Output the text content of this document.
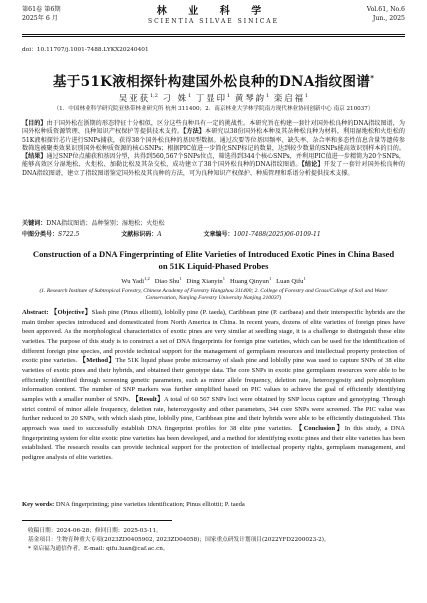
第61卷 第6期
2025年 6 月
林 业 科 学
SCIENTIA SILVAE SINICAE
Vol.61, No.6
Jun., 2025
doi：10.11707/j.1001-7488.LYKX20240401
基于51K液相探针构建国外松良种的DNA指纹图谱*
吴亚获$^{1,2}$ 刁 姝$^1$ 丁显印$^1$ 黄琴韵$^1$ 栾启福$^1$
（1．中国林业科学研究院亚热带林业研究所 杭州 311400；2．南京林业大学林学院南方现代林业协同创新中心 南京 210037）
【目的】由于国外松在浙期的形态特征十分相似，区分这些良种具有一定的挑战性。本研究旨在构建一套针对国外松良种的DNA指纹图谱，为国外松种质资源管理、良种知识产权保护等提供技术支持。【方法】本研究以38份国外松本种及其杂种松良种为材料，利用湿地松和火炬松的51K液相探针芯片进行SNPs捕获，获得38个国外松良种的基因型数据。通过次要等位基因频率、缺失率、杂合率和多态性信息含量等遗传参数筛选被聚类效果识别国外松种质资源的核心SNPs；根据PIC值进一步简化SNP标记的数量，达到较少数量的SNPs能高效识别样本的目的。【结果】通过SNP位点捕获和基因分型，共得到560,567个SNPs位点，筛选得到344个核心SNPs，并利用PIC值进一步精简为20个SNPs，能够高效区分湿地松、火炬松、加勒比松及其杂交松，成功建立了38个国外松良种的DNA指纹图谱。【结论】开发了一套针对国外松良种的DNA指纹图谱，建立了指纹图谱鉴定国外松及其良种的方法，可为良种知识产权保护、种质管理和系谱分析提供技术支撑。
关键词：DNA指纹图谱；品种鉴别；湿地松；火炬松
中图分类号：S722.5	文献标识码：A	文章编号：1001-7488(2025)06-0109-11
Construction of a DNA Fingerprinting of Elite Varieties of Introduced Exotic Pines in China Based on 51K Liquid-Phased Probes
Wu Yadi$^{1,2}$ Diao Shu$^1$ Ding Xianyin$^1$ Huang Qinyun$^1$ Luan Qifu$^1$
(1. Research Institute of Subtropical Forestry, Chinese Academy of Forestry Hangzhou 311400; 2. College of Forestry and Grass/College of Soil and Water Conservation, Nanjing Forestry University Nanjing 210037)
Abstract: 【Objective】Slash pine (Pinus elliottii), loblolly pine (P. taeda), Caribbean pine (P. caribaea) and their interspecific hybrids are the main timber species introduced and domesticated from North America in China. In recent years, dozens of elite varieties of foreign pines have been approved. As the morphological characteristics of exotic pines are very similar at seedling stage, it is a challenge to distinguish these elite varieties. The purpose of this study is to construct a set of DNA fingerprints for foreign pine varieties, which can be used for the identification of different foreign pine species, and provide technical support for the management of germplasm resources and intellectual property protection of exotic pine varieties. 【Method】The 51K liquid phase probe microarray of slash pine and loblolly pine was used to capture SNPs of 38 elite varieties of exotic pines and their hybrids, and obtained their genotype data. The core SNPs in exotic pine germplasm resources were able to be efficiently identified through screening genetic parameters, such as minor allele frequency, deletion rate, heterozygosity and polymorphism information content. The number of SNP markers was further simplified based on PIC values to achieve the goal of efficiently identifying samples with a smaller number of SNPs. 【Result】A total of 60 567 SNPs loci were obtained by SNP locus capture and genotyping. Through strict control of minor allele frequency, deletion rate, heterozygosity and other parameters, 344 core SNPs were screened. The PIC value was further reduced to 20 SNPs, with which slash pine, loblolly pine, Caribbean pine and their hybrids were able to be efficiently distinguished. This approach was used to successfully establish DNA fingerprint profiles for 38 elite pine varieties. 【Conclusion】In this study, a DNA fingerprinting system for elite exotic pine varieties has been developed, and a method for identifying exotic pines and their elite varieties has been established. The research results can provide technical support for the protection of intellectual property rights, germplasm management, and pedigree analysis of elite varieties.
Key words: DNA fingerprinting; pine varieties identification; Pinus elliottii; P. taeda
收稿日期：2024-06-28；修回日期：2025-03-11。
基金项目：生物育种重大专项(2023ZD0405902, 2023ZD04058)；国家重点研发计划项目(2022YFD2200023-2)。
* 栾启福为通信作者。E-mail: qifu.luan@caf.ac.cn。
